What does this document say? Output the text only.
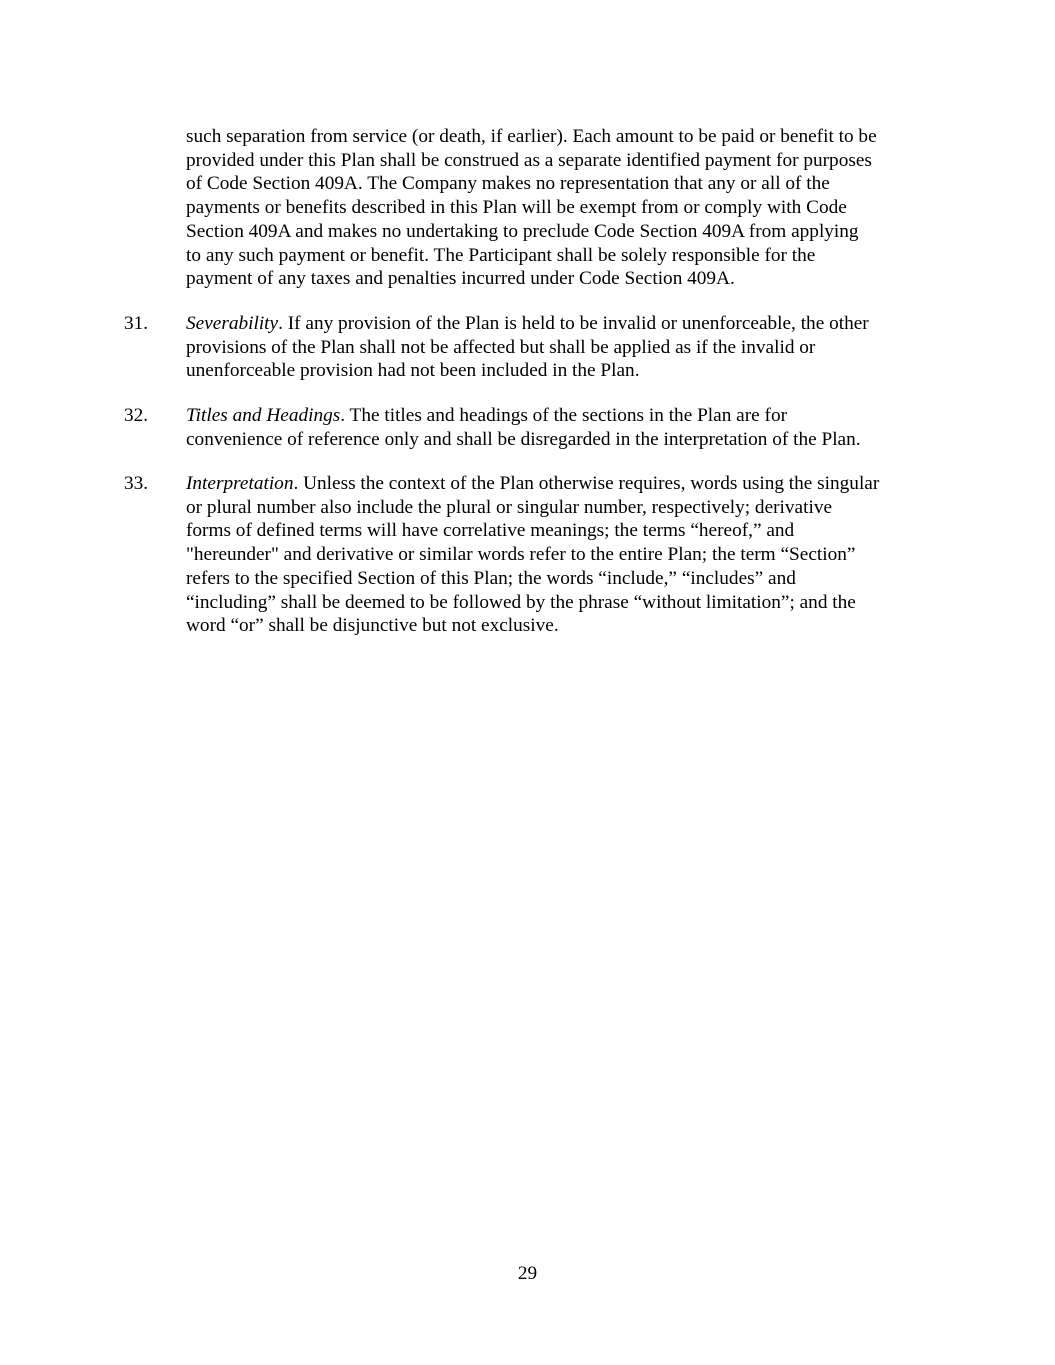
such separation from service (or death, if earlier). Each amount to be paid or benefit to be
provided under this Plan shall be construed as a separate identified payment for purposes
of Code Section 409A. The Company makes no representation that any or all of the
payments or benefits described in this Plan will be exempt from or comply with Code
Section 409A and makes no undertaking to preclude Code Section 409A from applying
to any such payment or benefit. The Participant shall be solely responsible for the
payment of any taxes and penalties incurred under Code Section 409A.
31. Severability. If any provision of the Plan is held to be invalid or unenforceable, the other
provisions of the Plan shall not be affected but shall be applied as if the invalid or
unenforceable provision had not been included in the Plan.
32. Titles and Headings. The titles and headings of the sections in the Plan are for
convenience of reference only and shall be disregarded in the interpretation of the Plan.
33. Interpretation. Unless the context of the Plan otherwise requires, words using the singular
or plural number also include the plural or singular number, respectively; derivative
forms of defined terms will have correlative meanings; the terms “hereof,” and
"hereunder" and derivative or similar words refer to the entire Plan; the term “Section”
refers to the specified Section of this Plan; the words “include,” “includes” and
“including” shall be deemed to be followed by the phrase “without limitation”; and the
word “or” shall be disjunctive but not exclusive.
29
